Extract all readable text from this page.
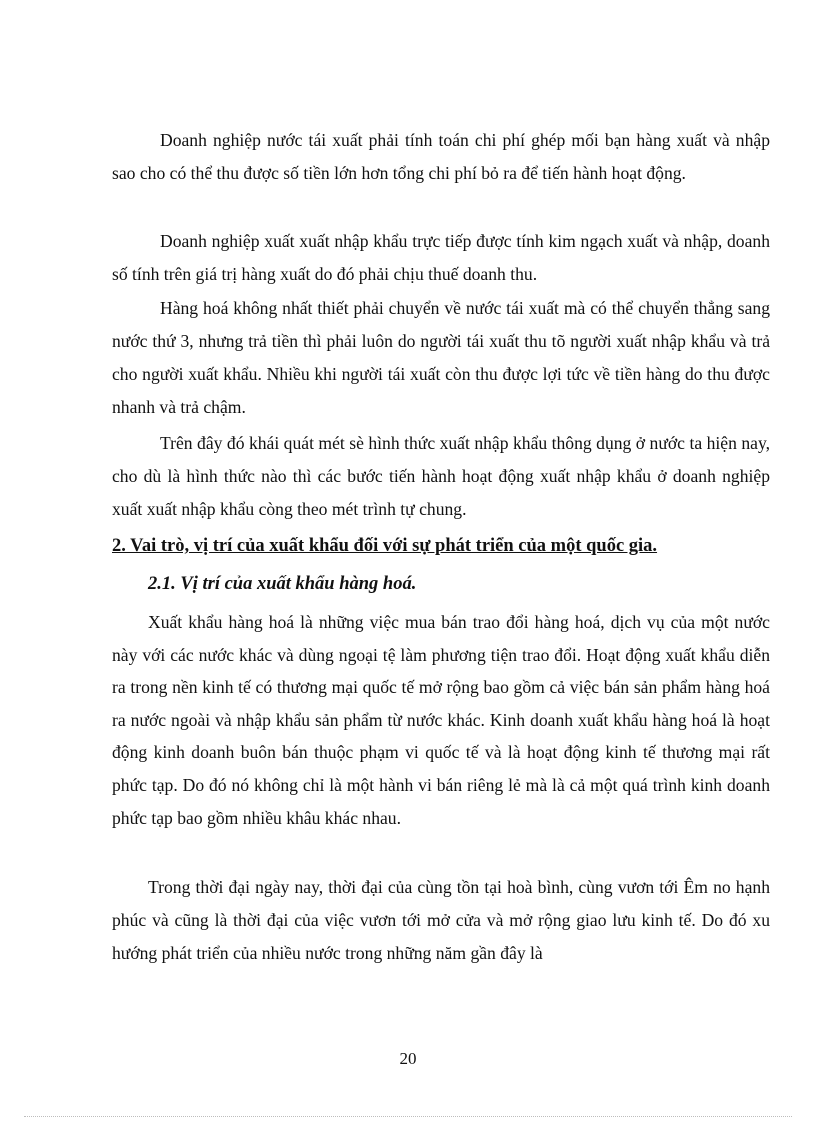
Doanh nghiệp nước tái xuất phải tính toán chi phí ghép mối bạn hàng xuất và nhập sao cho có thể thu được số tiền lớn hơn tổng chi phí bỏ ra để tiến hành hoạt động.

Doanh nghiệp xuất xuất nhập khẩu trực tiếp được tính kim ngạch xuất và nhập, doanh số tính trên giá trị hàng xuất do đó phải chịu thuế doanh thu.

Hàng hoá không nhất thiết phải chuyển về nước tái xuất mà có thể chuyển thẳng sang nước thứ 3, nhưng trả tiền thì phải luôn do người tái xuất thu tõ người xuất nhập khẩu và trả cho người xuất khẩu. Nhiều khi người tái xuất còn thu được lợi tức về tiền hàng do thu được nhanh và trả chậm.

Trên đây đó khái quát mét sè hình thức xuất nhập khẩu thông dụng ở nước ta hiện nay, cho dù là hình thức nào thì các bước tiến hành hoạt động xuất nhập khẩu ở doanh nghiệp xuất xuất nhập khẩu còng theo mét trình tự chung.

2. Vai trò, vị trí của xuất khẩu đối với sự phát triển của một quốc gia.
2.1. Vị trí của xuất khẩu hàng hoá.

Xuất khẩu hàng hoá là những việc mua bán trao đổi hàng hoá, dịch vụ của một nước này với các nước khác và dùng ngoại tệ làm phương tiện trao đổi. Hoạt động xuất khẩu diễn ra trong nền kinh tế có thương mại quốc tế mở rộng bao gồm cả việc bán sản phẩm hàng hoá ra nước ngoài và nhập khẩu sản phẩm từ nước khác. Kinh doanh xuất khẩu hàng hoá là hoạt động kinh doanh buôn bán thuộc phạm vi quốc tế và là hoạt động kinh tế thương mại rất phức tạp. Do đó nó không chỉ là một hành vi bán riêng lẻ mà là cả một quá trình kinh doanh phức tạp bao gồm nhiều khâu khác nhau.

Trong thời đại ngày nay, thời đại của cùng tồn tại hoà bình, cùng vươn tới Êm no hạnh phúc và cũng là thời đại của việc vươn tới mở cửa và mở rộng giao lưu kinh tế. Do đó xu hướng phát triển của nhiều nước trong những năm gần đây là

20
